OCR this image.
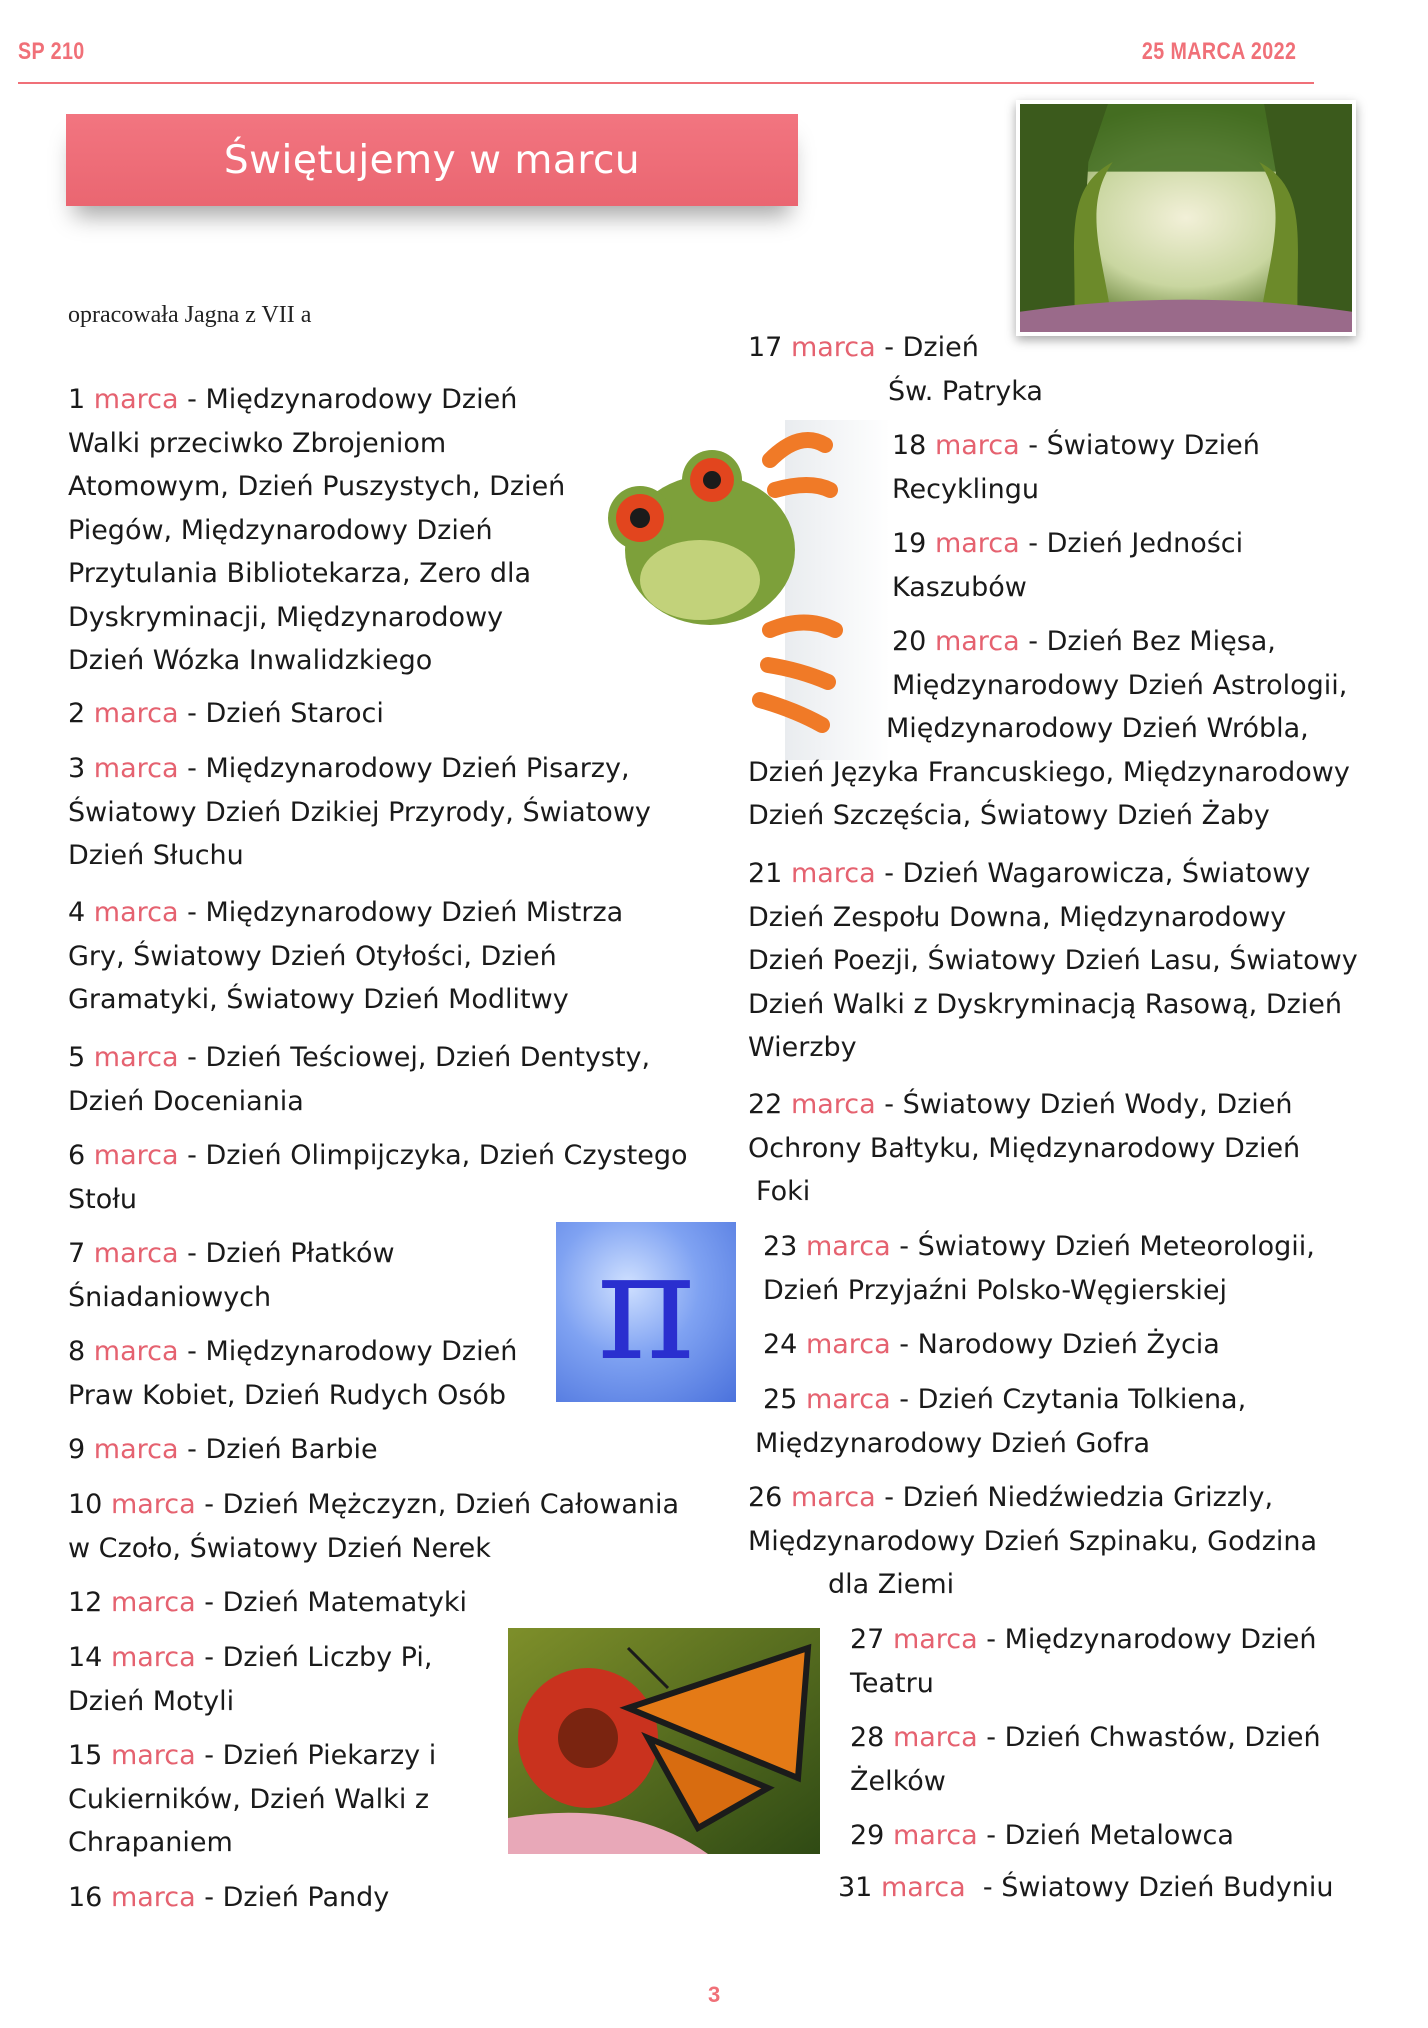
SP 210	25 MARCA 2022
Świętujemy w marcu
opracowała Jagna z VII a
π
1 marca - Międzynarodowy Dzień
Walki przeciwko Zbrojeniom
Atomowym, Dzień Puszystych, Dzień
Piegów, Międzynarodowy Dzień
Przytulania Bibliotekarza, Zero dla
Dyskryminacji, Międzynarodowy
Dzień Wózka Inwalidzkiego
2 marca - Dzień Staroci
3 marca - Międzynarodowy Dzień Pisarzy,
Światowy Dzień Dzikiej Przyrody, Światowy
Dzień Słuchu
4 marca - Międzynarodowy Dzień Mistrza
Gry, Światowy Dzień Otyłości, Dzień
Gramatyki, Światowy Dzień Modlitwy
5 marca - Dzień Teściowej, Dzień Dentysty,
Dzień Doceniania
6 marca - Dzień Olimpijczyka, Dzień Czystego
Stołu
7 marca - Dzień Płatków
Śniadaniowych
8 marca - Międzynarodowy Dzień
Praw Kobiet, Dzień Rudych Osób
9 marca - Dzień Barbie
10 marca - Dzień Mężczyzn, Dzień Całowania
w Czoło, Światowy Dzień Nerek
12 marca - Dzień Matematyki
14 marca - Dzień Liczby Pi,
Dzień Motyli
15 marca - Dzień Piekarzy i
Cukierników, Dzień Walki z
Chrapaniem
16 marca - Dzień Pandy
17 marca - Dzień
Św. Patryka
18 marca - Światowy Dzień
Recyklingu
19 marca - Dzień Jedności
Kaszubów
20 marca - Dzień Bez Mięsa,
Międzynarodowy Dzień Astrologii,
Międzynarodowy Dzień Wróbla,
Dzień Języka Francuskiego, Międzynarodowy
Dzień Szczęścia, Światowy Dzień Żaby
21 marca - Dzień Wagarowicza, Światowy
Dzień Zespołu Downa, Międzynarodowy
Dzień Poezji, Światowy Dzień Lasu, Światowy
Dzień Walki z Dyskryminacją Rasową, Dzień
Wierzby
22 marca - Światowy Dzień Wody, Dzień
Ochrony Bałtyku, Międzynarodowy Dzień
Foki
23 marca - Światowy Dzień Meteorologii,
Dzień Przyjaźni Polsko-Węgierskiej
24 marca - Narodowy Dzień Życia
25 marca - Dzień Czytania Tolkiena,
Międzynarodowy Dzień Gofra
26 marca - Dzień Niedźwiedzia Grizzly,
Międzynarodowy Dzień Szpinaku, Godzina
dla Ziemi
27 marca - Międzynarodowy Dzień
Teatru
28 marca - Dzień Chwastów, Dzień
Żelków
29 marca - Dzień Metalowca
31 marca  - Światowy Dzień Budyniu
3
